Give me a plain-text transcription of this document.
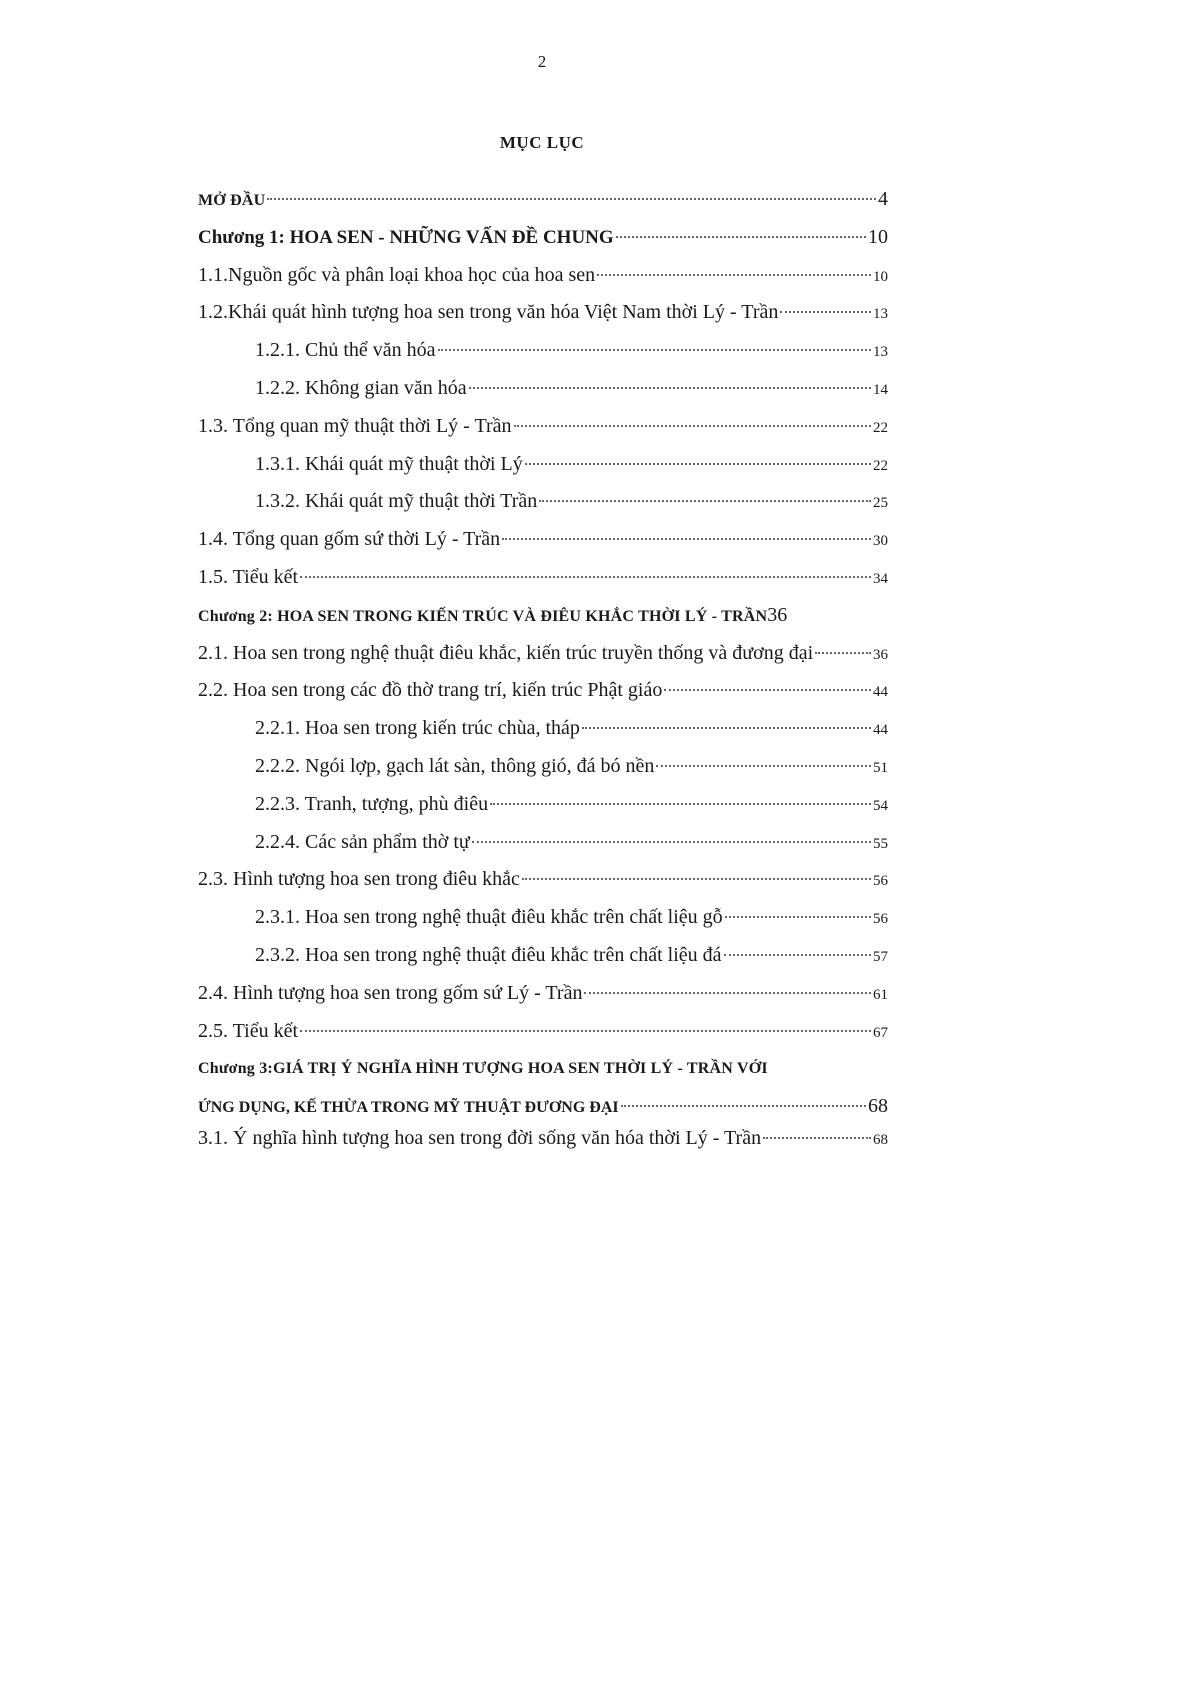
2
MỤC LỤC
MỞ ĐẦU	4
Chương 1: HOA SEN - NHỮNG VẤN ĐỀ CHUNG	10
1.1.Nguồn gốc và phân loại khoa học của hoa sen	10
1.2.Khái quát hình tượng hoa sen trong văn hóa Việt Nam thời Lý - Trần	13
1.2.1. Chủ thể văn hóa	13
1.2.2. Không gian văn hóa	14
1.3. Tổng quan mỹ thuật thời Lý - Trần	22
1.3.1. Khái quát mỹ thuật thời Lý	22
1.3.2. Khái quát mỹ thuật thời Trần	25
1.4. Tổng quan gốm sứ thời Lý - Trần	30
1.5. Tiểu kết	34
Chương 2: HOA SEN TRONG KIẾN TRÚC VÀ ĐIÊU KHẮC THỜI LÝ - TRẦN 36
2.1. Hoa sen trong nghệ thuật điêu khắc, kiến trúc truyền thống và đương đại	36
2.2. Hoa sen trong các đồ thờ trang trí, kiến trúc Phật giáo	44
2.2.1. Hoa sen trong kiến trúc chùa, tháp	44
2.2.2. Ngói lợp, gạch lát sàn, thông gió, đá bó nền	51
2.2.3. Tranh, tượng, phù điêu	54
2.2.4. Các sản phẩm thờ tự	55
2.3. Hình tượng hoa sen trong điêu khắc	56
2.3.1. Hoa sen trong nghệ thuật điêu khắc trên chất liệu gỗ	56
2.3.2. Hoa sen trong nghệ thuật điêu khắc trên chất liệu đá	57
2.4. Hình tượng hoa sen trong gốm sứ Lý - Trần	61
2.5. Tiểu kết	67
Chương 3:GIÁ TRỊ Ý NGHĨA HÌNH TƯỢNG HOA SEN THỜI LÝ - TRẦN VỚI
ỨNG DỤNG, KẾ THỪA TRONG MỸ THUẬT ĐƯƠNG ĐẠI	68
3.1. Ý nghĩa hình tượng hoa sen trong đời sống văn hóa thời Lý - Trần	68
